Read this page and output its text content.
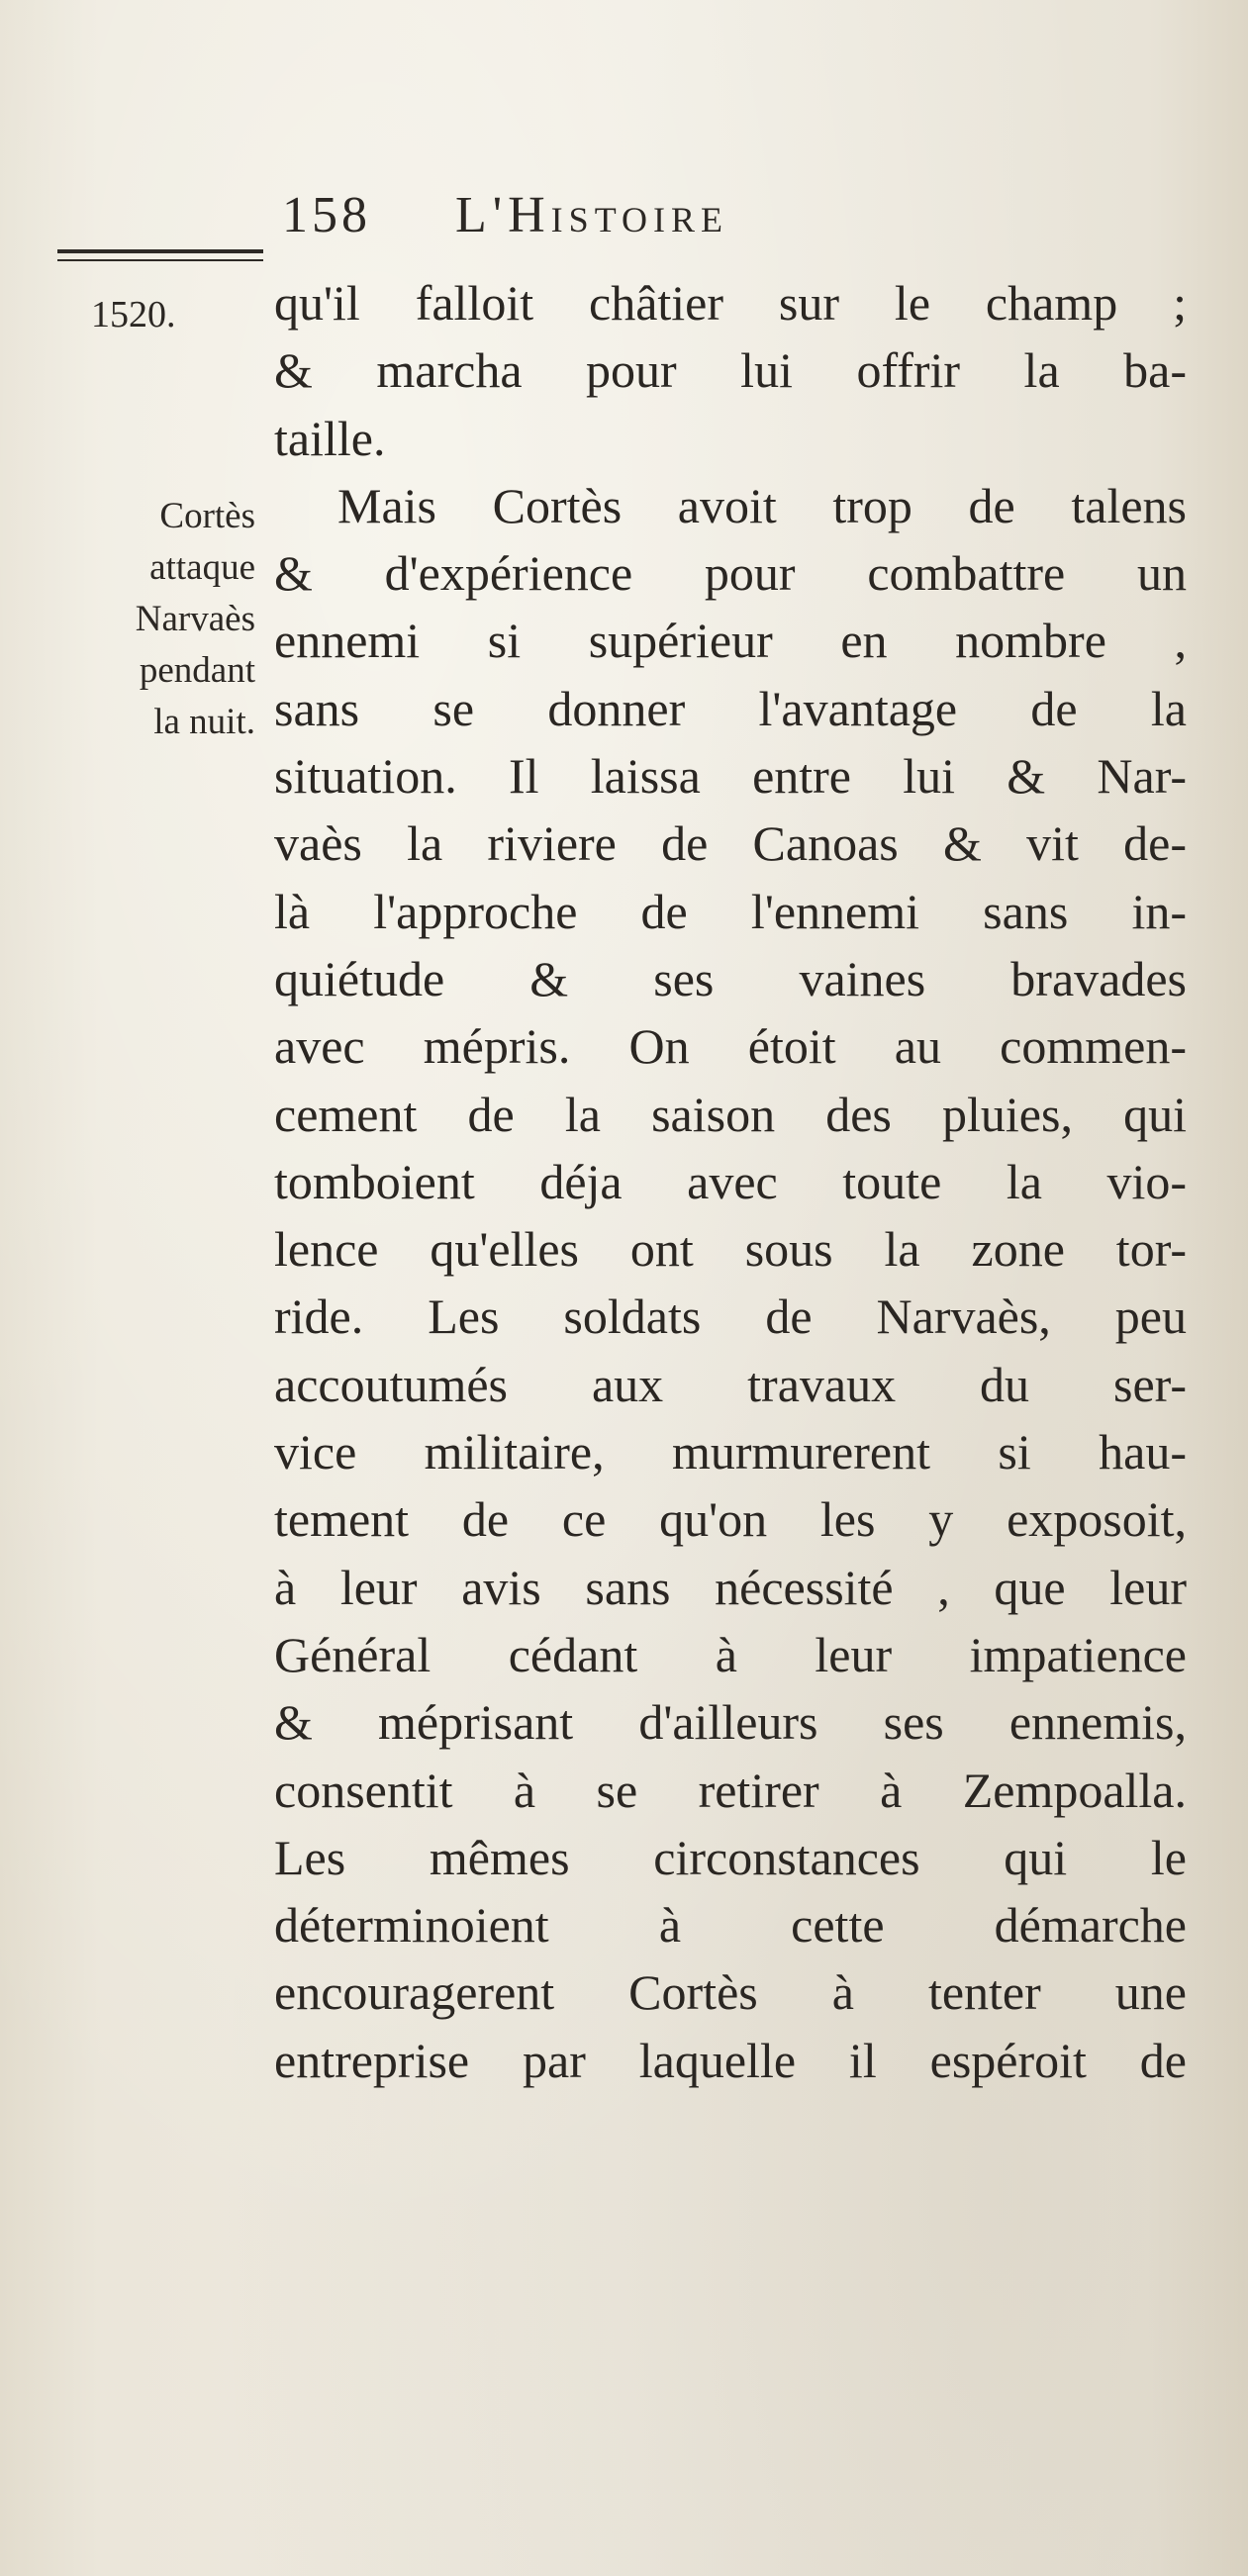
158 L'Histoire
1520.
Cortès
attaque
Narvaès
pendant
la nuit.
qu'il falloit châtier sur le champ ;
& marcha pour lui offrir la ba-
taille.
Mais Cortès avoit trop de talens
& d'expérience pour combattre un
ennemi si supérieur en nombre ,
sans se donner l'avantage de la
situation. Il laissa entre lui & Nar-
vaès la riviere de Canoas & vit de-
là l'approche de l'ennemi sans in-
quiétude & ses vaines bravades
avec mépris. On étoit au commen-
cement de la saison des pluies, qui
tomboient déja avec toute la vio-
lence qu'elles ont sous la zone tor-
ride. Les soldats de Narvaès, peu
accoutumés aux travaux du ser-
vice militaire, murmurerent si hau-
tement de ce qu'on les y exposoit,
à leur avis sans nécessité , que leur
Général cédant à leur impatience
& méprisant d'ailleurs ses ennemis,
consentit à se retirer à Zempoalla.
Les mêmes circonstances qui le
déterminoient à cette démarche
encouragerent Cortès à tenter une
entreprise par laquelle il espéroit de
